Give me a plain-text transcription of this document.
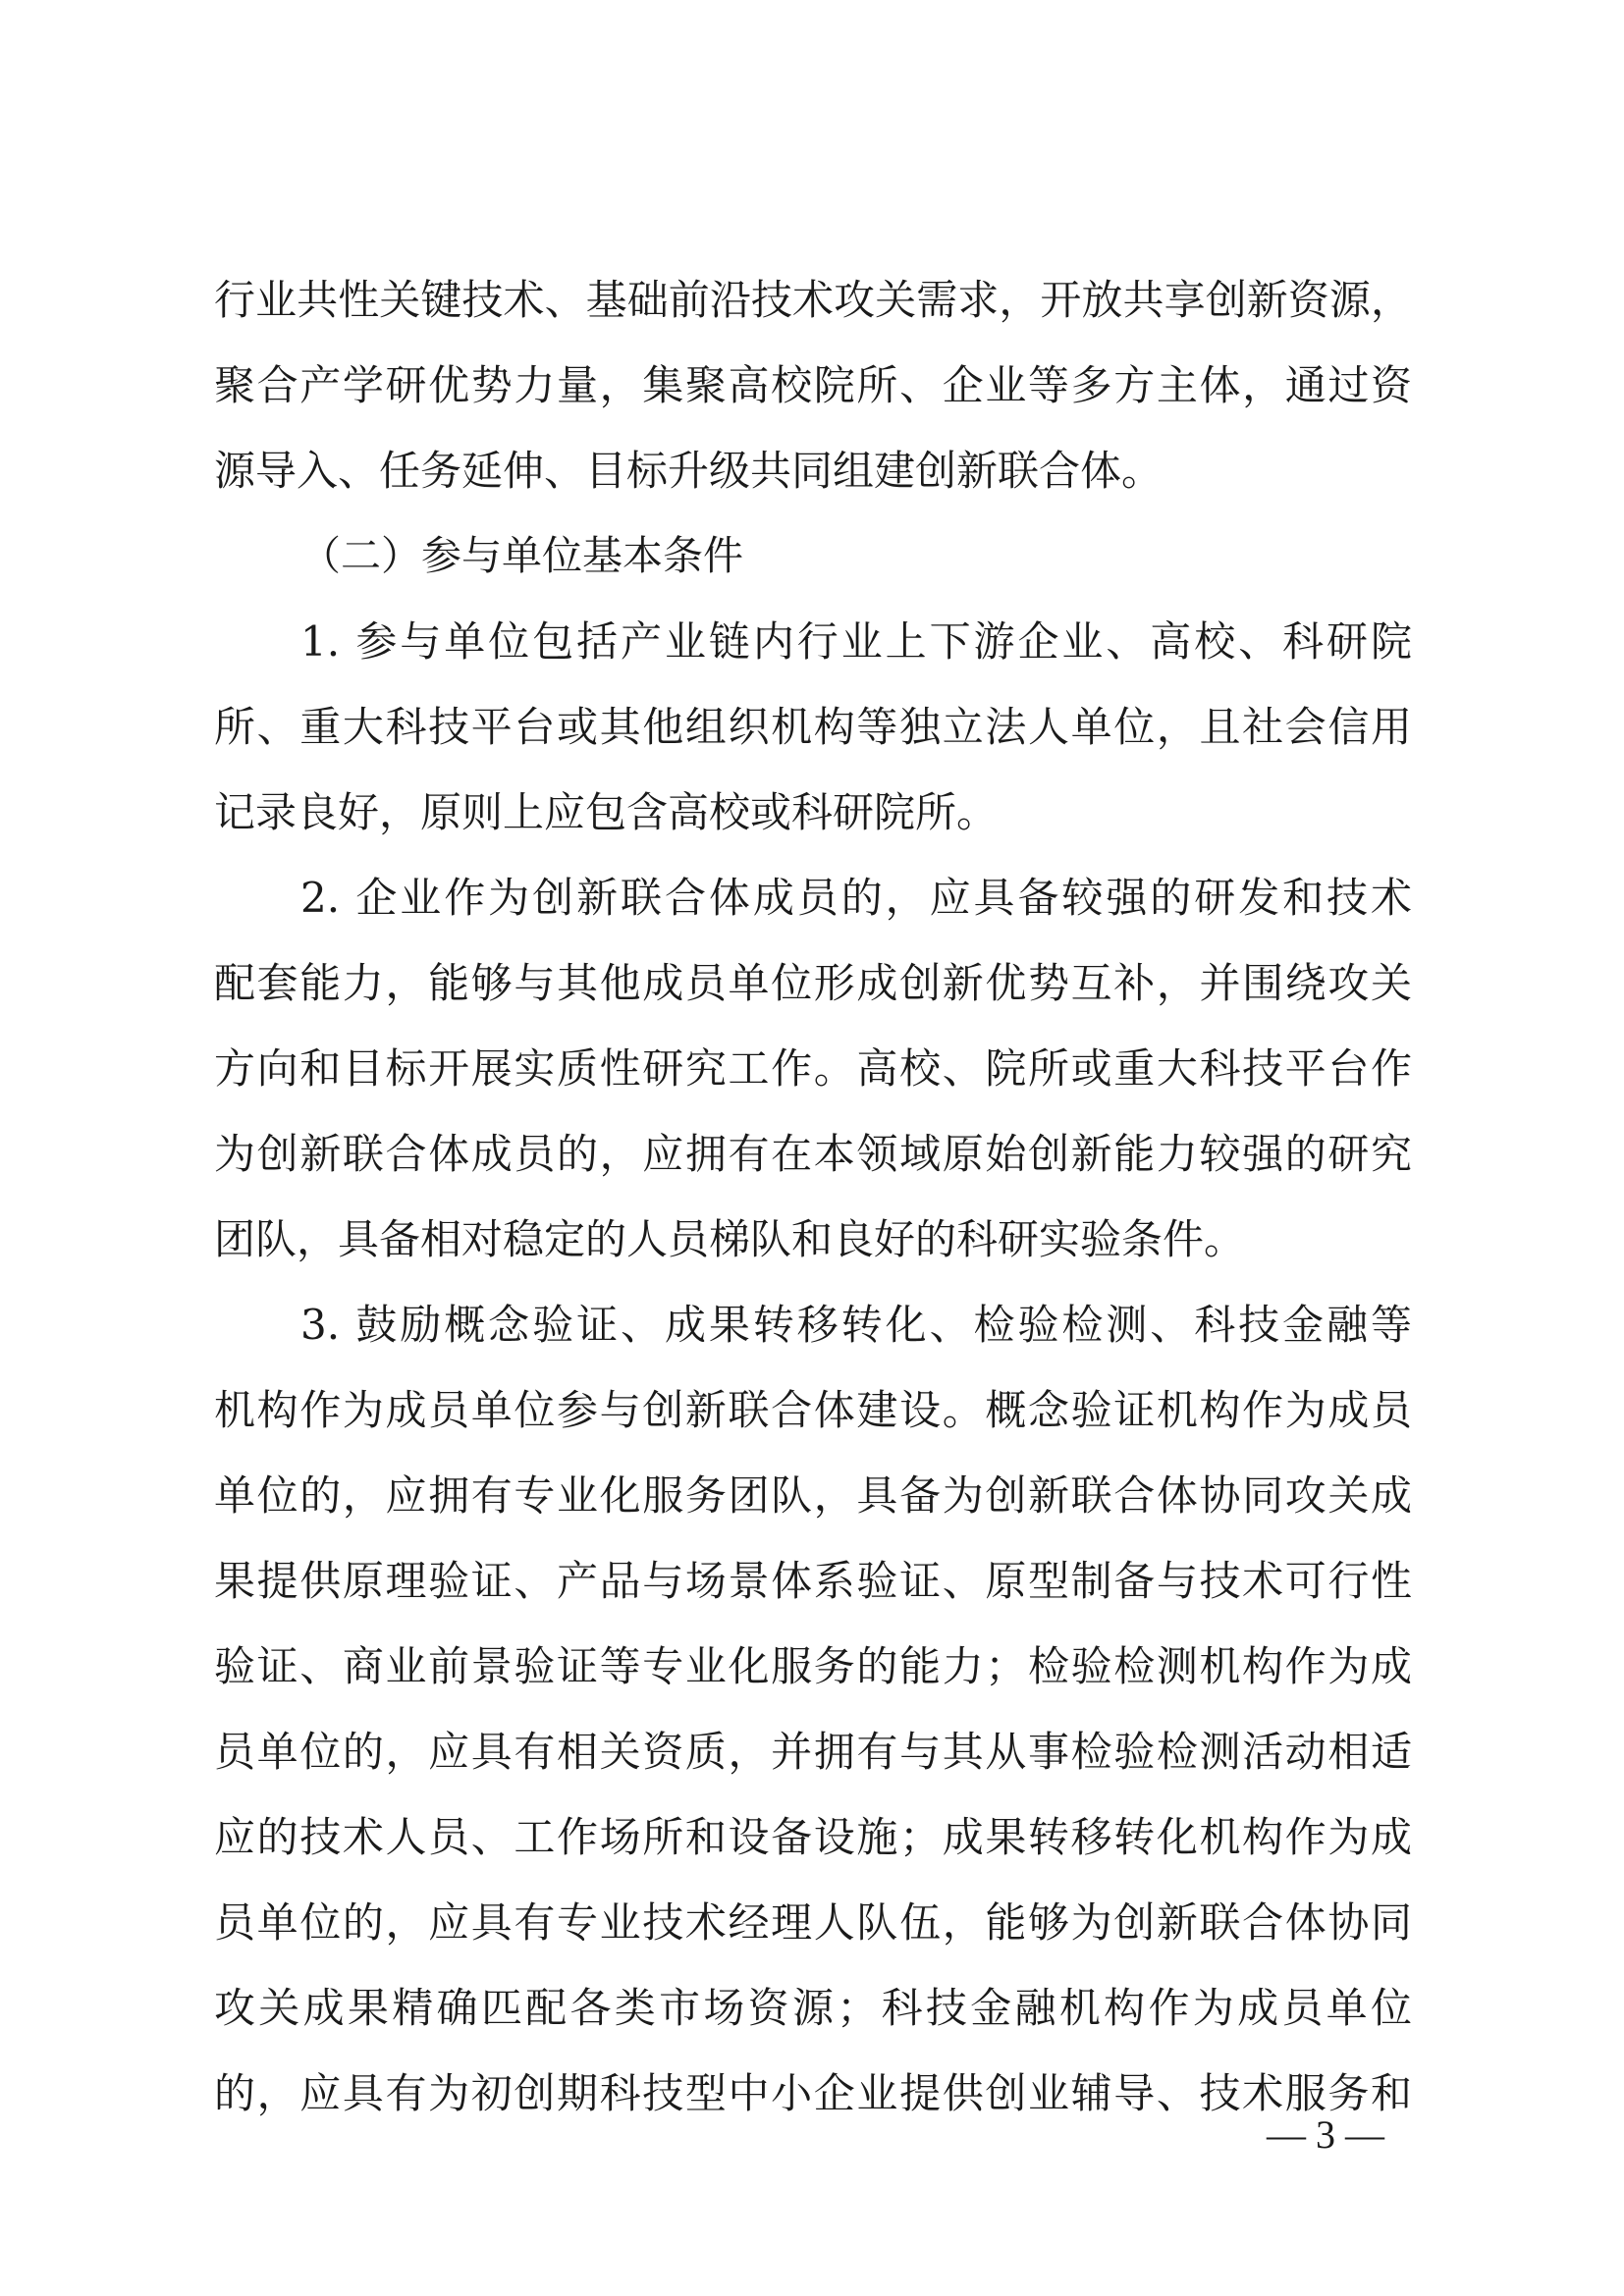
行业共性关键技术、基础前沿技术攻关需求，开放共享创新资源，
聚合产学研优势力量，集聚高校院所、企业等多方主体，通过资
源导入、任务延伸、目标升级共同组建创新联合体。
（二）参与单位基本条件
1. 参与单位包括产业链内行业上下游企业、高校、科研院
所、重大科技平台或其他组织机构等独立法人单位，且社会信用
记录良好，原则上应包含高校或科研院所。
2. 企业作为创新联合体成员的，应具备较强的研发和技术
配套能力，能够与其他成员单位形成创新优势互补，并围绕攻关
方向和目标开展实质性研究工作。高校、院所或重大科技平台作
为创新联合体成员的，应拥有在本领域原始创新能力较强的研究
团队，具备相对稳定的人员梯队和良好的科研实验条件。
3. 鼓励概念验证、成果转移转化、检验检测、科技金融等
机构作为成员单位参与创新联合体建设。概念验证机构作为成员
单位的，应拥有专业化服务团队，具备为创新联合体协同攻关成
果提供原理验证、产品与场景体系验证、原型制备与技术可行性
验证、商业前景验证等专业化服务的能力；检验检测机构作为成
员单位的，应具有相关资质，并拥有与其从事检验检测活动相适
应的技术人员、工作场所和设备设施；成果转移转化机构作为成
员单位的，应具有专业技术经理人队伍，能够为创新联合体协同
攻关成果精确匹配各类市场资源；科技金融机构作为成员单位
的，应具有为初创期科技型中小企业提供创业辅导、技术服务和
— 3 —
